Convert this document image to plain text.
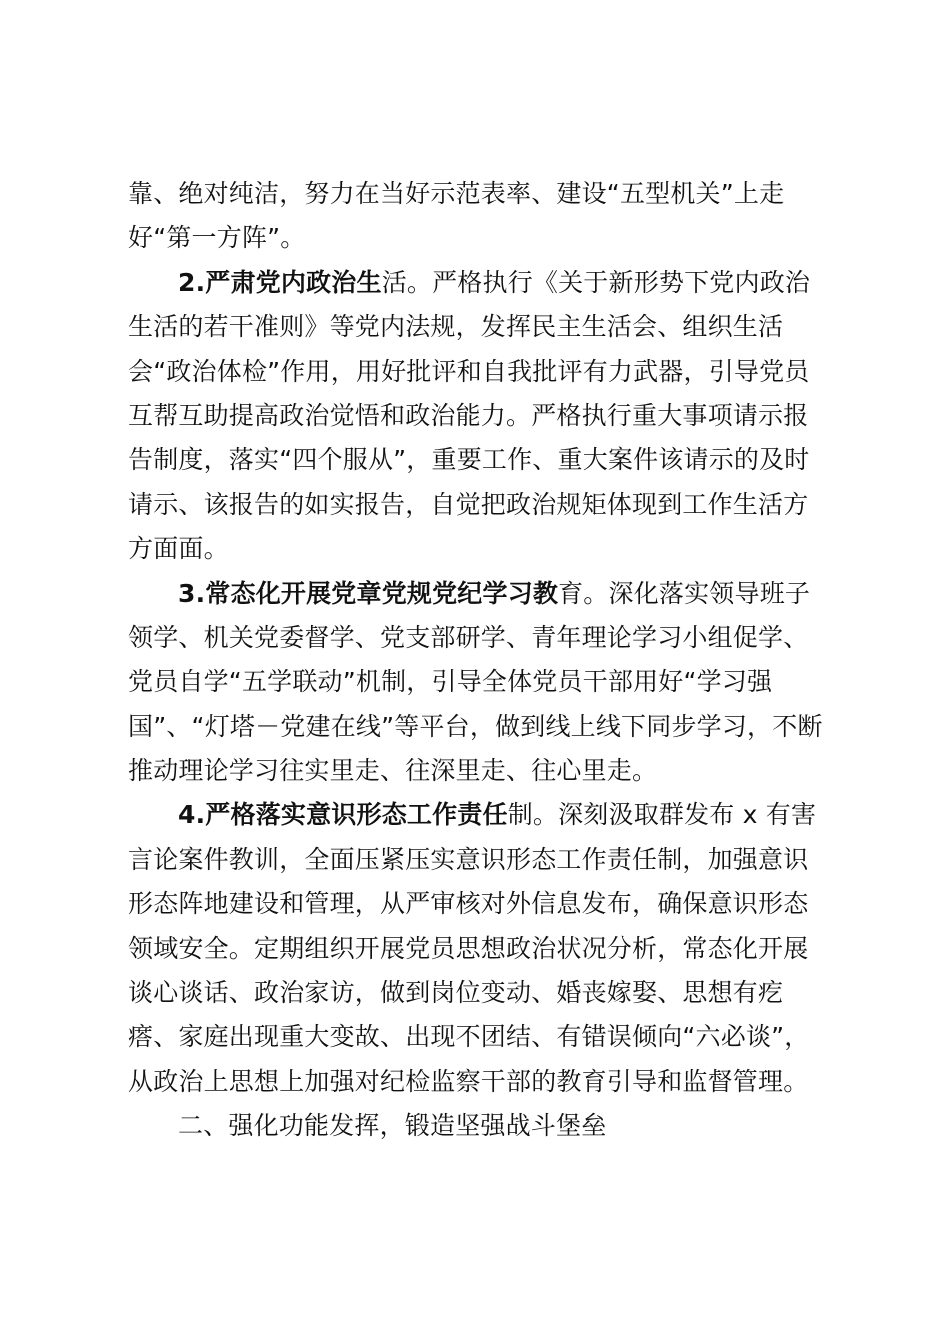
靠、绝对纯洁，努力在当好示范表率、建设“五型机关”上走
好“第一方阵”。
2.严肃党内政治生活。严格执行《关于新形势下党内政治
生活的若干准则》等党内法规，发挥民主生活会、组织生活
会“政治体检”作用，用好批评和自我批评有力武器，引导党员
互帮互助提高政治觉悟和政治能力。严格执行重大事项请示报
告制度，落实“四个服从”，重要工作、重大案件该请示的及时
请示、该报告的如实报告，自觉把政治规矩体现到工作生活方
方面面。
3.常态化开展党章党规党纪学习教育。深化落实领导班子
领学、机关党委督学、党支部研学、青年理论学习小组促学、
党员自学“五学联动”机制，引导全体党员干部用好“学习强
国”、“灯塔－党建在线”等平台，做到线上线下同步学习，不断
推动理论学习往实里走、往深里走、往心里走。
4.严格落实意识形态工作责任制。深刻汲取群发布 x 有害
言论案件教训，全面压紧压实意识形态工作责任制，加强意识
形态阵地建设和管理，从严审核对外信息发布，确保意识形态
领域安全。定期组织开展党员思想政治状况分析，常态化开展
谈心谈话、政治家访，做到岗位变动、婚丧嫁娶、思想有疙
瘩、家庭出现重大变故、出现不团结、有错误倾向“六必谈”，
从政治上思想上加强对纪检监察干部的教育引导和监督管理。
二、强化功能发挥，锻造坚强战斗堡垒
